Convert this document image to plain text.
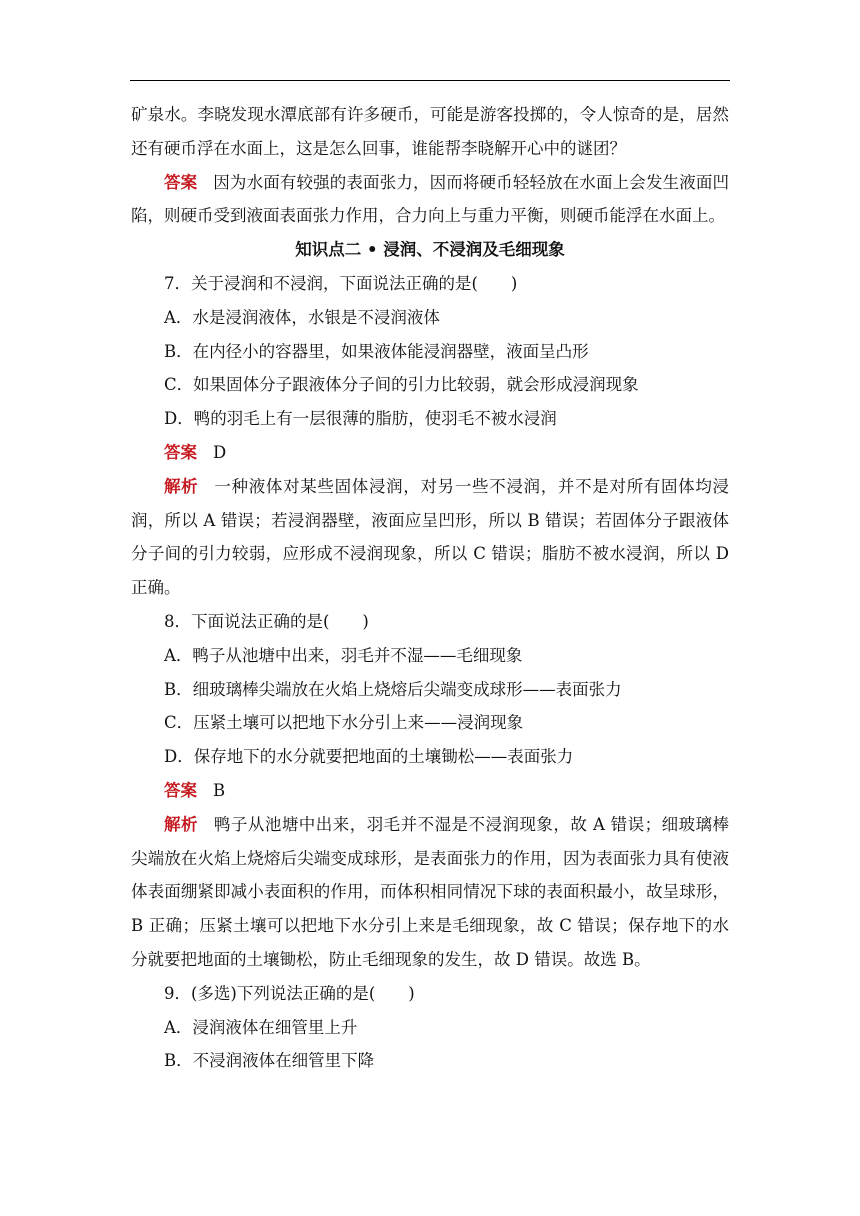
矿泉水。李晓发现水潭底部有许多硬币，可能是游客投掷的，令人惊奇的是，居然还有硬币浮在水面上，这是怎么回事，谁能帮李晓解开心中的谜团？

答案 因为水面有较强的表面张力，因而将硬币轻轻放在水面上会发生液面凹陷，则硬币受到液面表面张力作用，合力向上与重力平衡，则硬币能浮在水面上。

知识点二 • 浸润、不浸润及毛细现象

7．关于浸润和不浸润，下面说法正确的是(　　)

A．水是浸润液体，水银是不浸润液体

B．在内径小的容器里，如果液体能浸润器壁，液面呈凸形

C．如果固体分子跟液体分子间的引力比较弱，就会形成浸润现象

D．鸭的羽毛上有一层很薄的脂肪，使羽毛不被水浸润

答案 D

解析 一种液体对某些固体浸润，对另一些不浸润，并不是对所有固体均浸润，所以 A 错误；若浸润器壁，液面应呈凹形，所以 B 错误；若固体分子跟液体分子间的引力较弱，应形成不浸润现象，所以 C 错误；脂肪不被水浸润，所以 D 正确。

8．下面说法正确的是(　　)

A．鸭子从池塘中出来，羽毛并不湿——毛细现象

B．细玻璃棒尖端放在火焰上烧熔后尖端变成球形——表面张力

C．压紧土壤可以把地下水分引上来——浸润现象

D．保存地下的水分就要把地面的土壤锄松——表面张力

答案 B

解析 鸭子从池塘中出来，羽毛并不湿是不浸润现象，故 A 错误；细玻璃棒尖端放在火焰上烧熔后尖端变成球形，是表面张力的作用，因为表面张力具有使液体表面绷紧即减小表面积的作用，而体积相同情况下球的表面积最小，故呈球形，B 正确；压紧土壤可以把地下水分引上来是毛细现象，故 C 错误；保存地下的水分就要把地面的土壤锄松，防止毛细现象的发生，故 D 错误。故选 B。

9．(多选)下列说法正确的是(　　)

A．浸润液体在细管里上升

B．不浸润液体在细管里下降
